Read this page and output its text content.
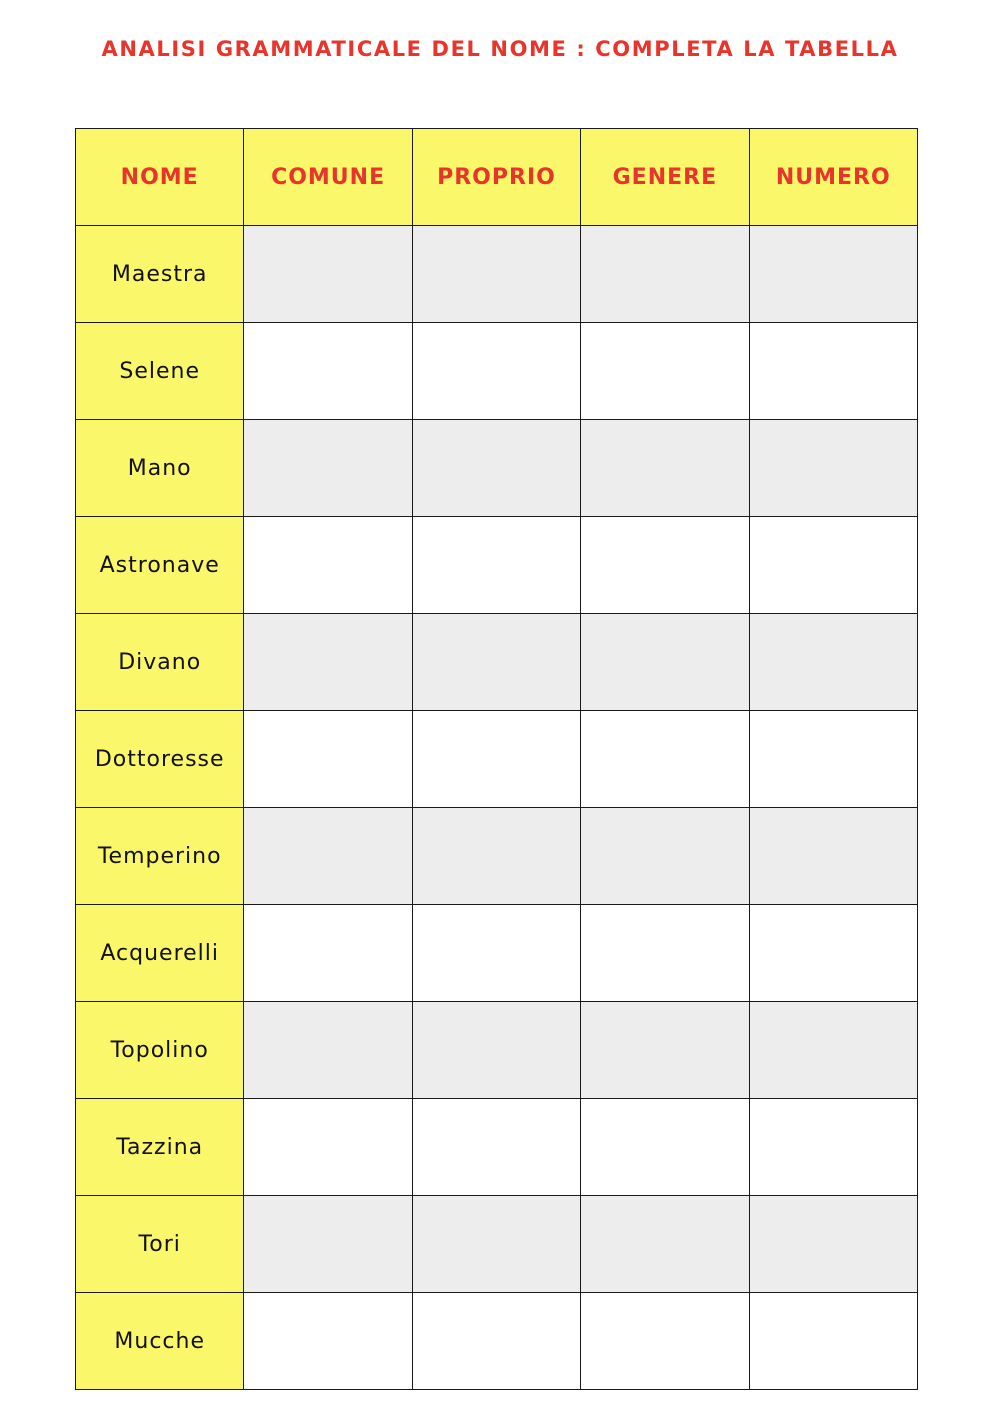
ANALISI GRAMMATICALE DEL NOME : COMPLETA LA TABELLA
NOME	COMUNE	PROPRIO	GENERE	NUMERO
Maestra				
Selene				
Mano				
Astronave				
Divano				
Dottoresse				
Temperino				
Acquerelli				
Topolino				
Tazzina				
Tori				
Mucche				
